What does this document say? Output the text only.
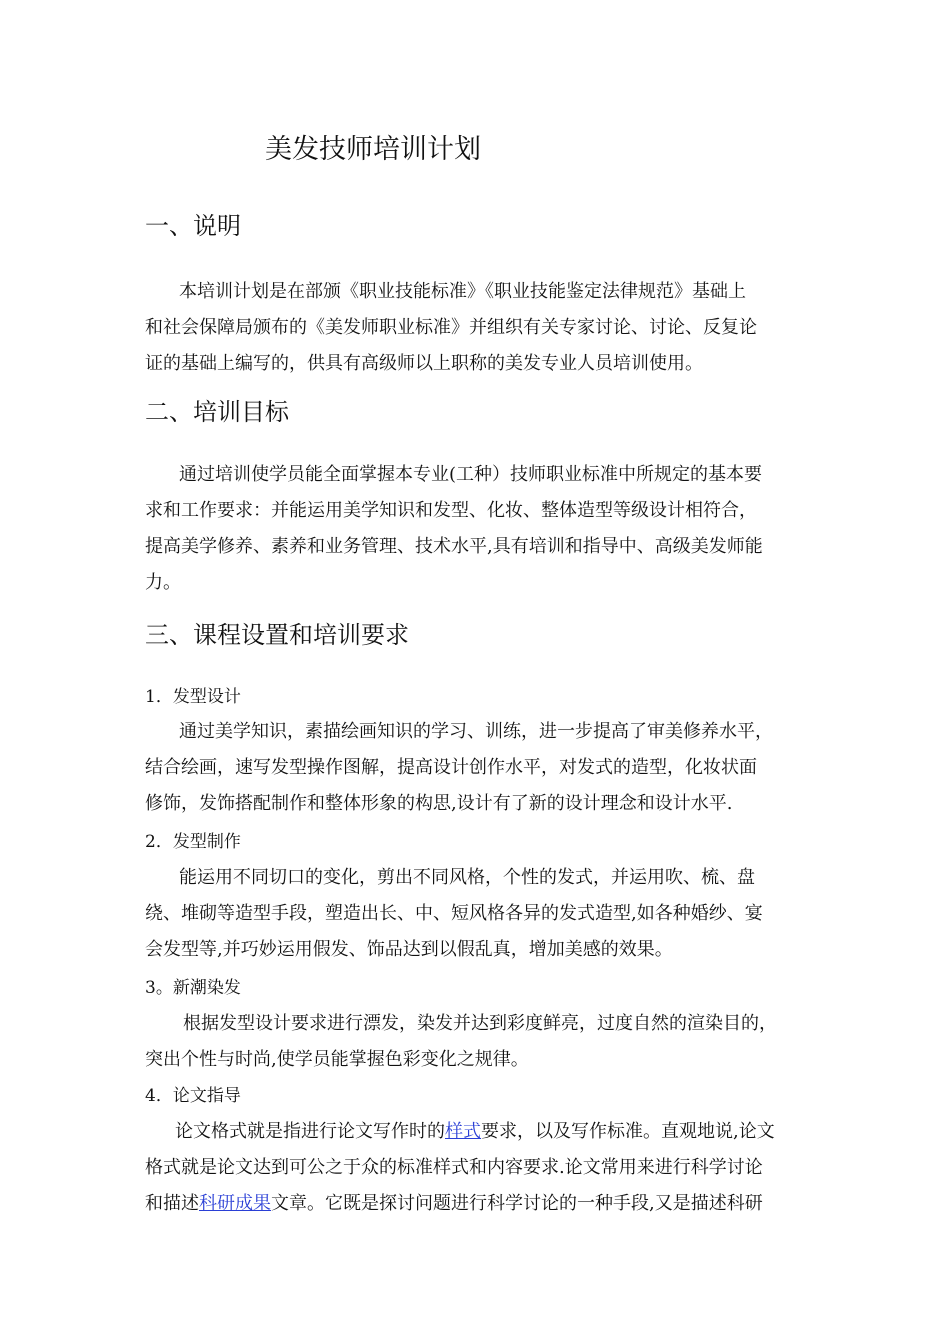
美发技师培训计划
一、说明
本培训计划是在部颁《职业技能标准》《职业技能鉴定法律规范》基础上
和社会保障局颁布的《美发师职业标准》并组织有关专家讨论、讨论、反复论
证的基础上编写的，供具有高级师以上职称的美发专业人员培训使用。
二、培训目标
通过培训使学员能全面掌握本专业(工种）技师职业标准中所规定的基本要
求和工作要求：并能运用美学知识和发型、化妆、整体造型等级设计相符合，
提高美学修养、素养和业务管理、技术水平,具有培训和指导中、高级美发师能
力。
三、课程设置和培训要求
1．发型设计
通过美学知识，素描绘画知识的学习、训练，进一步提高了审美修养水平，
结合绘画，速写发型操作图解，提高设计创作水平，对发式的造型，化妆状面
修饰，发饰搭配制作和整体形象的构思,设计有了新的设计理念和设计水平.
2．发型制作
能运用不同切口的变化，剪出不同风格，个性的发式，并运用吹、梳、盘
绕、堆砌等造型手段，塑造出长、中、短风格各异的发式造型,如各种婚纱、宴
会发型等,并巧妙运用假发、饰品达到以假乱真，增加美感的效果。
3。新潮染发
根据发型设计要求进行漂发，染发并达到彩度鲜亮，过度自然的渲染目的，
突出个性与时尚,使学员能掌握色彩变化之规律。
4．论文指导
论文格式就是指进行论文写作时的样式要求，以及写作标准。直观地说,论文
格式就是论文达到可公之于众的标准样式和内容要求.论文常用来进行科学讨论
和描述科研成果文章。它既是探讨问题进行科学讨论的一种手段,又是描述科研
